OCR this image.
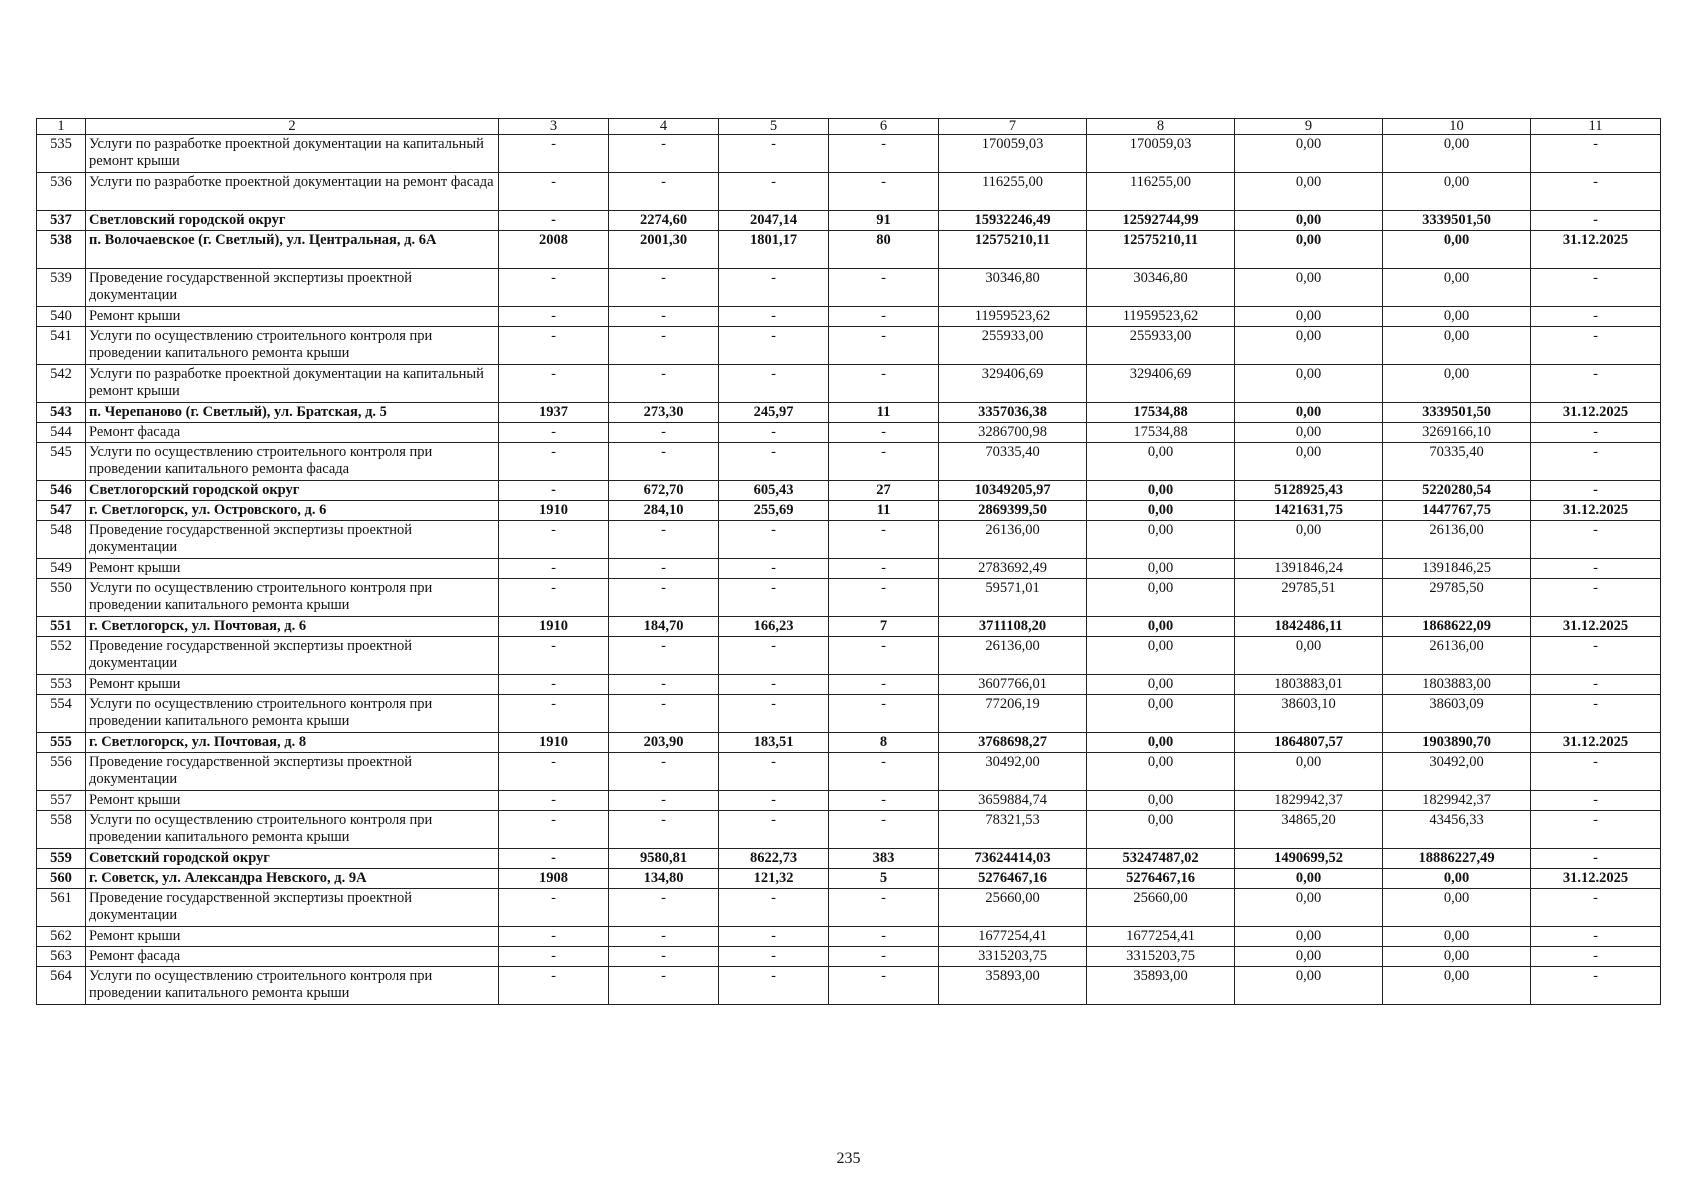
1	2	3	4	5	6	7	8	9	10	11
535	Услуги по разработке проектной документации на капитальный ремонт крыши	-	-	-	-	170059,03	170059,03	0,00	0,00	-
536	Услуги по разработке проектной документации на ремонт фасада	-	-	-	-	116255,00	116255,00	0,00	0,00	-
537	Светловский городской округ	-	2274,60	2047,14	91	15932246,49	12592744,99	0,00	3339501,50	-
538	п. Волочаевское (г. Светлый), ул. Центральная, д. 6А	2008	2001,30	1801,17	80	12575210,11	12575210,11	0,00	0,00	31.12.2025
539	Проведение государственной экспертизы проектной документации	-	-	-	-	30346,80	30346,80	0,00	0,00	-
540	Ремонт крыши	-	-	-	-	11959523,62	11959523,62	0,00	0,00	-
541	Услуги по осуществлению строительного контроля при проведении капитального ремонта крыши	-	-	-	-	255933,00	255933,00	0,00	0,00	-
542	Услуги по разработке проектной документации на капитальный ремонт крыши	-	-	-	-	329406,69	329406,69	0,00	0,00	-
543	п. Черепаново (г. Светлый), ул. Братская, д. 5	1937	273,30	245,97	11	3357036,38	17534,88	0,00	3339501,50	31.12.2025
544	Ремонт фасада	-	-	-	-	3286700,98	17534,88	0,00	3269166,10	-
545	Услуги по осуществлению строительного контроля при проведении капитального ремонта фасада	-	-	-	-	70335,40	0,00	0,00	70335,40	-
546	Светлогорский городской округ	-	672,70	605,43	27	10349205,97	0,00	5128925,43	5220280,54	-
547	г. Светлогорск, ул. Островского, д. 6	1910	284,10	255,69	11	2869399,50	0,00	1421631,75	1447767,75	31.12.2025
548	Проведение государственной экспертизы проектной документации	-	-	-	-	26136,00	0,00	0,00	26136,00	-
549	Ремонт крыши	-	-	-	-	2783692,49	0,00	1391846,24	1391846,25	-
550	Услуги по осуществлению строительного контроля при проведении капитального ремонта крыши	-	-	-	-	59571,01	0,00	29785,51	29785,50	-
551	г. Светлогорск, ул. Почтовая, д. 6	1910	184,70	166,23	7	3711108,20	0,00	1842486,11	1868622,09	31.12.2025
552	Проведение государственной экспертизы проектной документации	-	-	-	-	26136,00	0,00	0,00	26136,00	-
553	Ремонт крыши	-	-	-	-	3607766,01	0,00	1803883,01	1803883,00	-
554	Услуги по осуществлению строительного контроля при проведении капитального ремонта крыши	-	-	-	-	77206,19	0,00	38603,10	38603,09	-
555	г. Светлогорск, ул. Почтовая, д. 8	1910	203,90	183,51	8	3768698,27	0,00	1864807,57	1903890,70	31.12.2025
556	Проведение государственной экспертизы проектной документации	-	-	-	-	30492,00	0,00	0,00	30492,00	-
557	Ремонт крыши	-	-	-	-	3659884,74	0,00	1829942,37	1829942,37	-
558	Услуги по осуществлению строительного контроля при проведении капитального ремонта крыши	-	-	-	-	78321,53	0,00	34865,20	43456,33	-
559	Советский городской округ	-	9580,81	8622,73	383	73624414,03	53247487,02	1490699,52	18886227,49	-
560	г. Советск, ул. Александра Невского, д. 9А	1908	134,80	121,32	5	5276467,16	5276467,16	0,00	0,00	31.12.2025
561	Проведение государственной экспертизы проектной документации	-	-	-	-	25660,00	25660,00	0,00	0,00	-
562	Ремонт крыши	-	-	-	-	1677254,41	1677254,41	0,00	0,00	-
563	Ремонт фасада	-	-	-	-	3315203,75	3315203,75	0,00	0,00	-
564	Услуги по осуществлению строительного контроля при проведении капитального ремонта крыши	-	-	-	-	35893,00	35893,00	0,00	0,00	-
235
